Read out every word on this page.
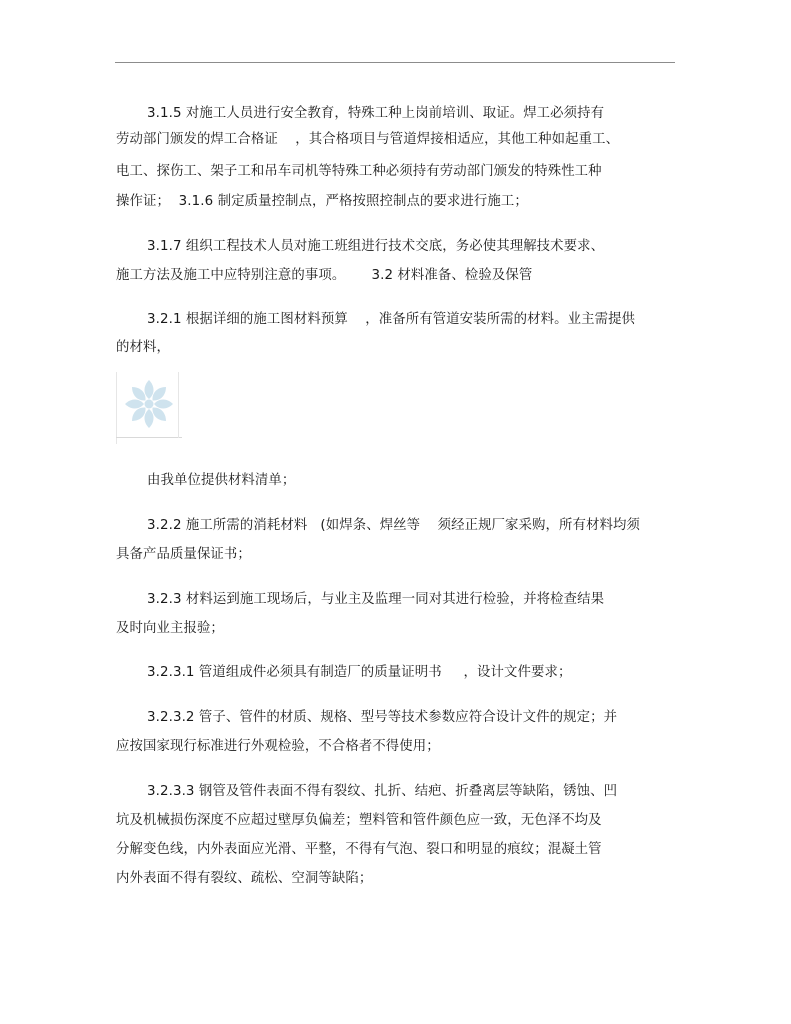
3.1.5 对施工人员进行安全教育，特殊工种上岗前培训、取证。焊工必须持有
劳动部门颁发的焊工合格证    ，其合格项目与管道焊接相适应，其他工种如起重工、
电工、探伤工、架子工和吊车司机等特殊工种必须持有劳动部门颁发的特殊性工种
操作证；  3.1.6 制定质量控制点，严格按照控制点的要求进行施工；
3.1.7 组织工程技术人员对施工班组进行技术交底，务必使其理解技术要求、
施工方法及施工中应特别注意的事项。      3.2 材料准备、检验及保管
3.2.1 根据详细的施工图材料预算    ，准备所有管道安装所需的材料。业主需提供
的材料，
由我单位提供材料清单；
3.2.2 施工所需的消耗材料   (如焊条、焊丝等    须经正规厂家采购，所有材料均须
具备产品质量保证书；
3.2.3 材料运到施工现场后，与业主及监理一同对其进行检验，并将检查结果
及时向业主报验；
3.2.3.1 管道组成件必须具有制造厂的质量证明书     ，设计文件要求；
3.2.3.2 管子、管件的材质、规格、型号等技术参数应符合设计文件的规定；并
应按国家现行标准进行外观检验，不合格者不得使用；
3.2.3.3 钢管及管件表面不得有裂纹、扎折、结疤、折叠离层等缺陷，锈蚀、凹
坑及机械损伤深度不应超过壁厚负偏差；塑料管和管件颜色应一致，无色泽不均及
分解变色线，内外表面应光滑、平整，不得有气泡、裂口和明显的痕纹；混凝土管
内外表面不得有裂纹、疏松、空洞等缺陷；
